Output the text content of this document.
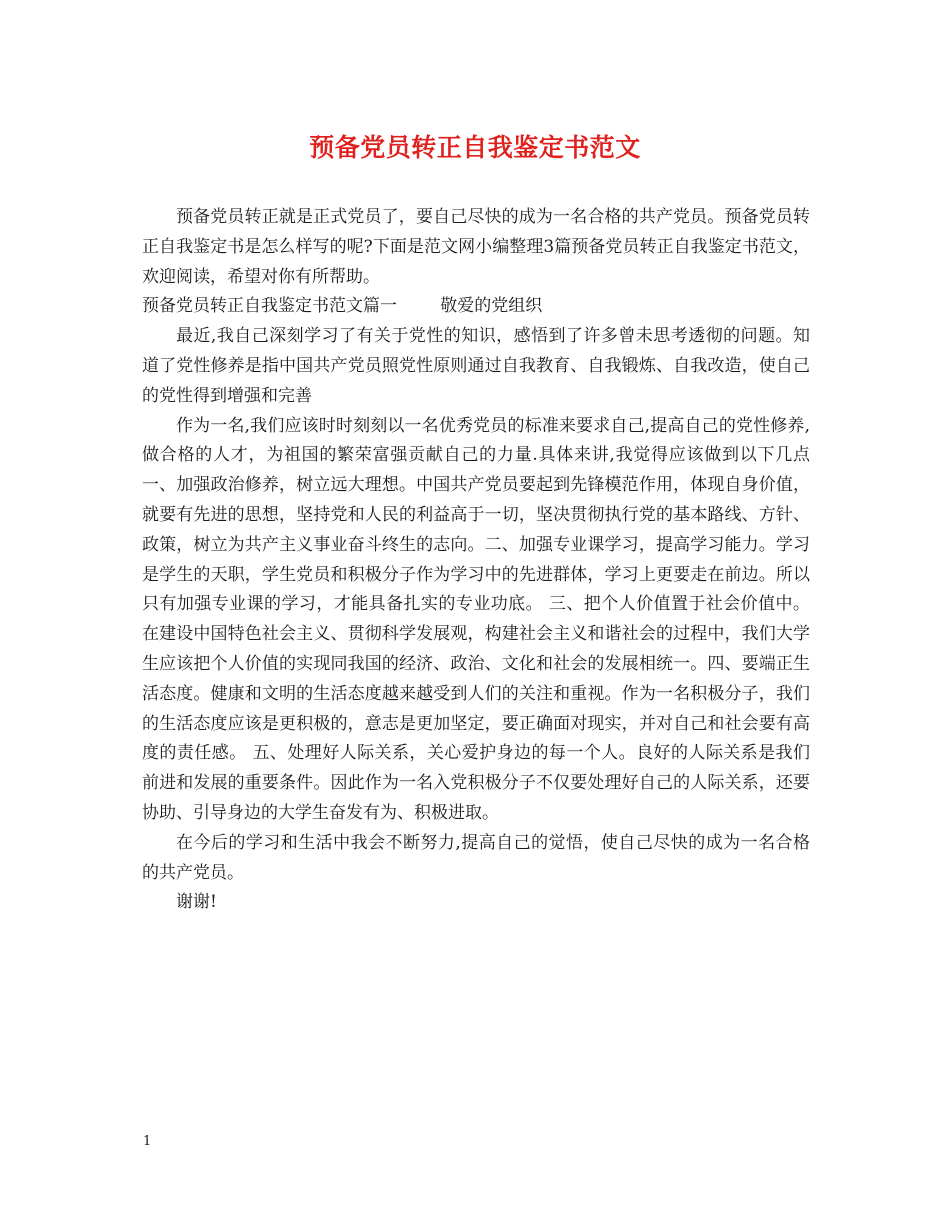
预备党员转正自我鉴定书范文

预备党员转正就是正式党员了，要自己尽快的成为一名合格的共产党员。预备党员转正自我鉴定书是怎么样写的呢?下面是范文网小编整理3篇预备党员转正自我鉴定书范文，欢迎阅读，希望对你有所帮助。

预备党员转正自我鉴定书范文篇一        敬爱的党组织

最近,我自己深刻学习了有关于党性的知识，感悟到了许多曾未思考透彻的问题。知道了党性修养是指中国共产党员照党性原则通过自我教育、自我锻炼、自我改造，使自己的党性得到增强和完善

作为一名,我们应该时时刻刻以一名优秀党员的标准来要求自己,提高自己的党性修养,做合格的人才，为祖国的繁荣富强贡献自己的力量.具体来讲,我觉得应该做到以下几点 一、加强政治修养，树立远大理想。中国共产党员要起到先锋模范作用，体现自身价值，就要有先进的思想，坚持党和人民的利益高于一切，坚决贯彻执行党的基本路线、方针、政策，树立为共产主义事业奋斗终生的志向。二、加强专业课学习，提高学习能力。学习是学生的天职，学生党员和积极分子作为学习中的先进群体，学习上更要走在前边。所以只有加强专业课的学习，才能具备扎实的专业功底。 三、把个人价值置于社会价值中。在建设中国特色社会主义、贯彻科学发展观，构建社会主义和谐社会的过程中，我们大学生应该把个人价值的实现同我国的经济、政治、文化和社会的发展相统一。四、要端正生活态度。健康和文明的生活态度越来越受到人们的关注和重视。作为一名积极分子，我们的生活态度应该是更积极的，意志是更加坚定，要正确面对现实，并对自己和社会要有高度的责任感。 五、处理好人际关系，关心爱护身边的每一个人。良好的人际关系是我们前进和发展的重要条件。因此作为一名入党积极分子不仅要处理好自己的人际关系，还要协助、引导身边的大学生奋发有为、积极进取。

在今后的学习和生活中我会不断努力,提高自己的觉悟，使自己尽快的成为一名合格的共产党员。

谢谢!

1
